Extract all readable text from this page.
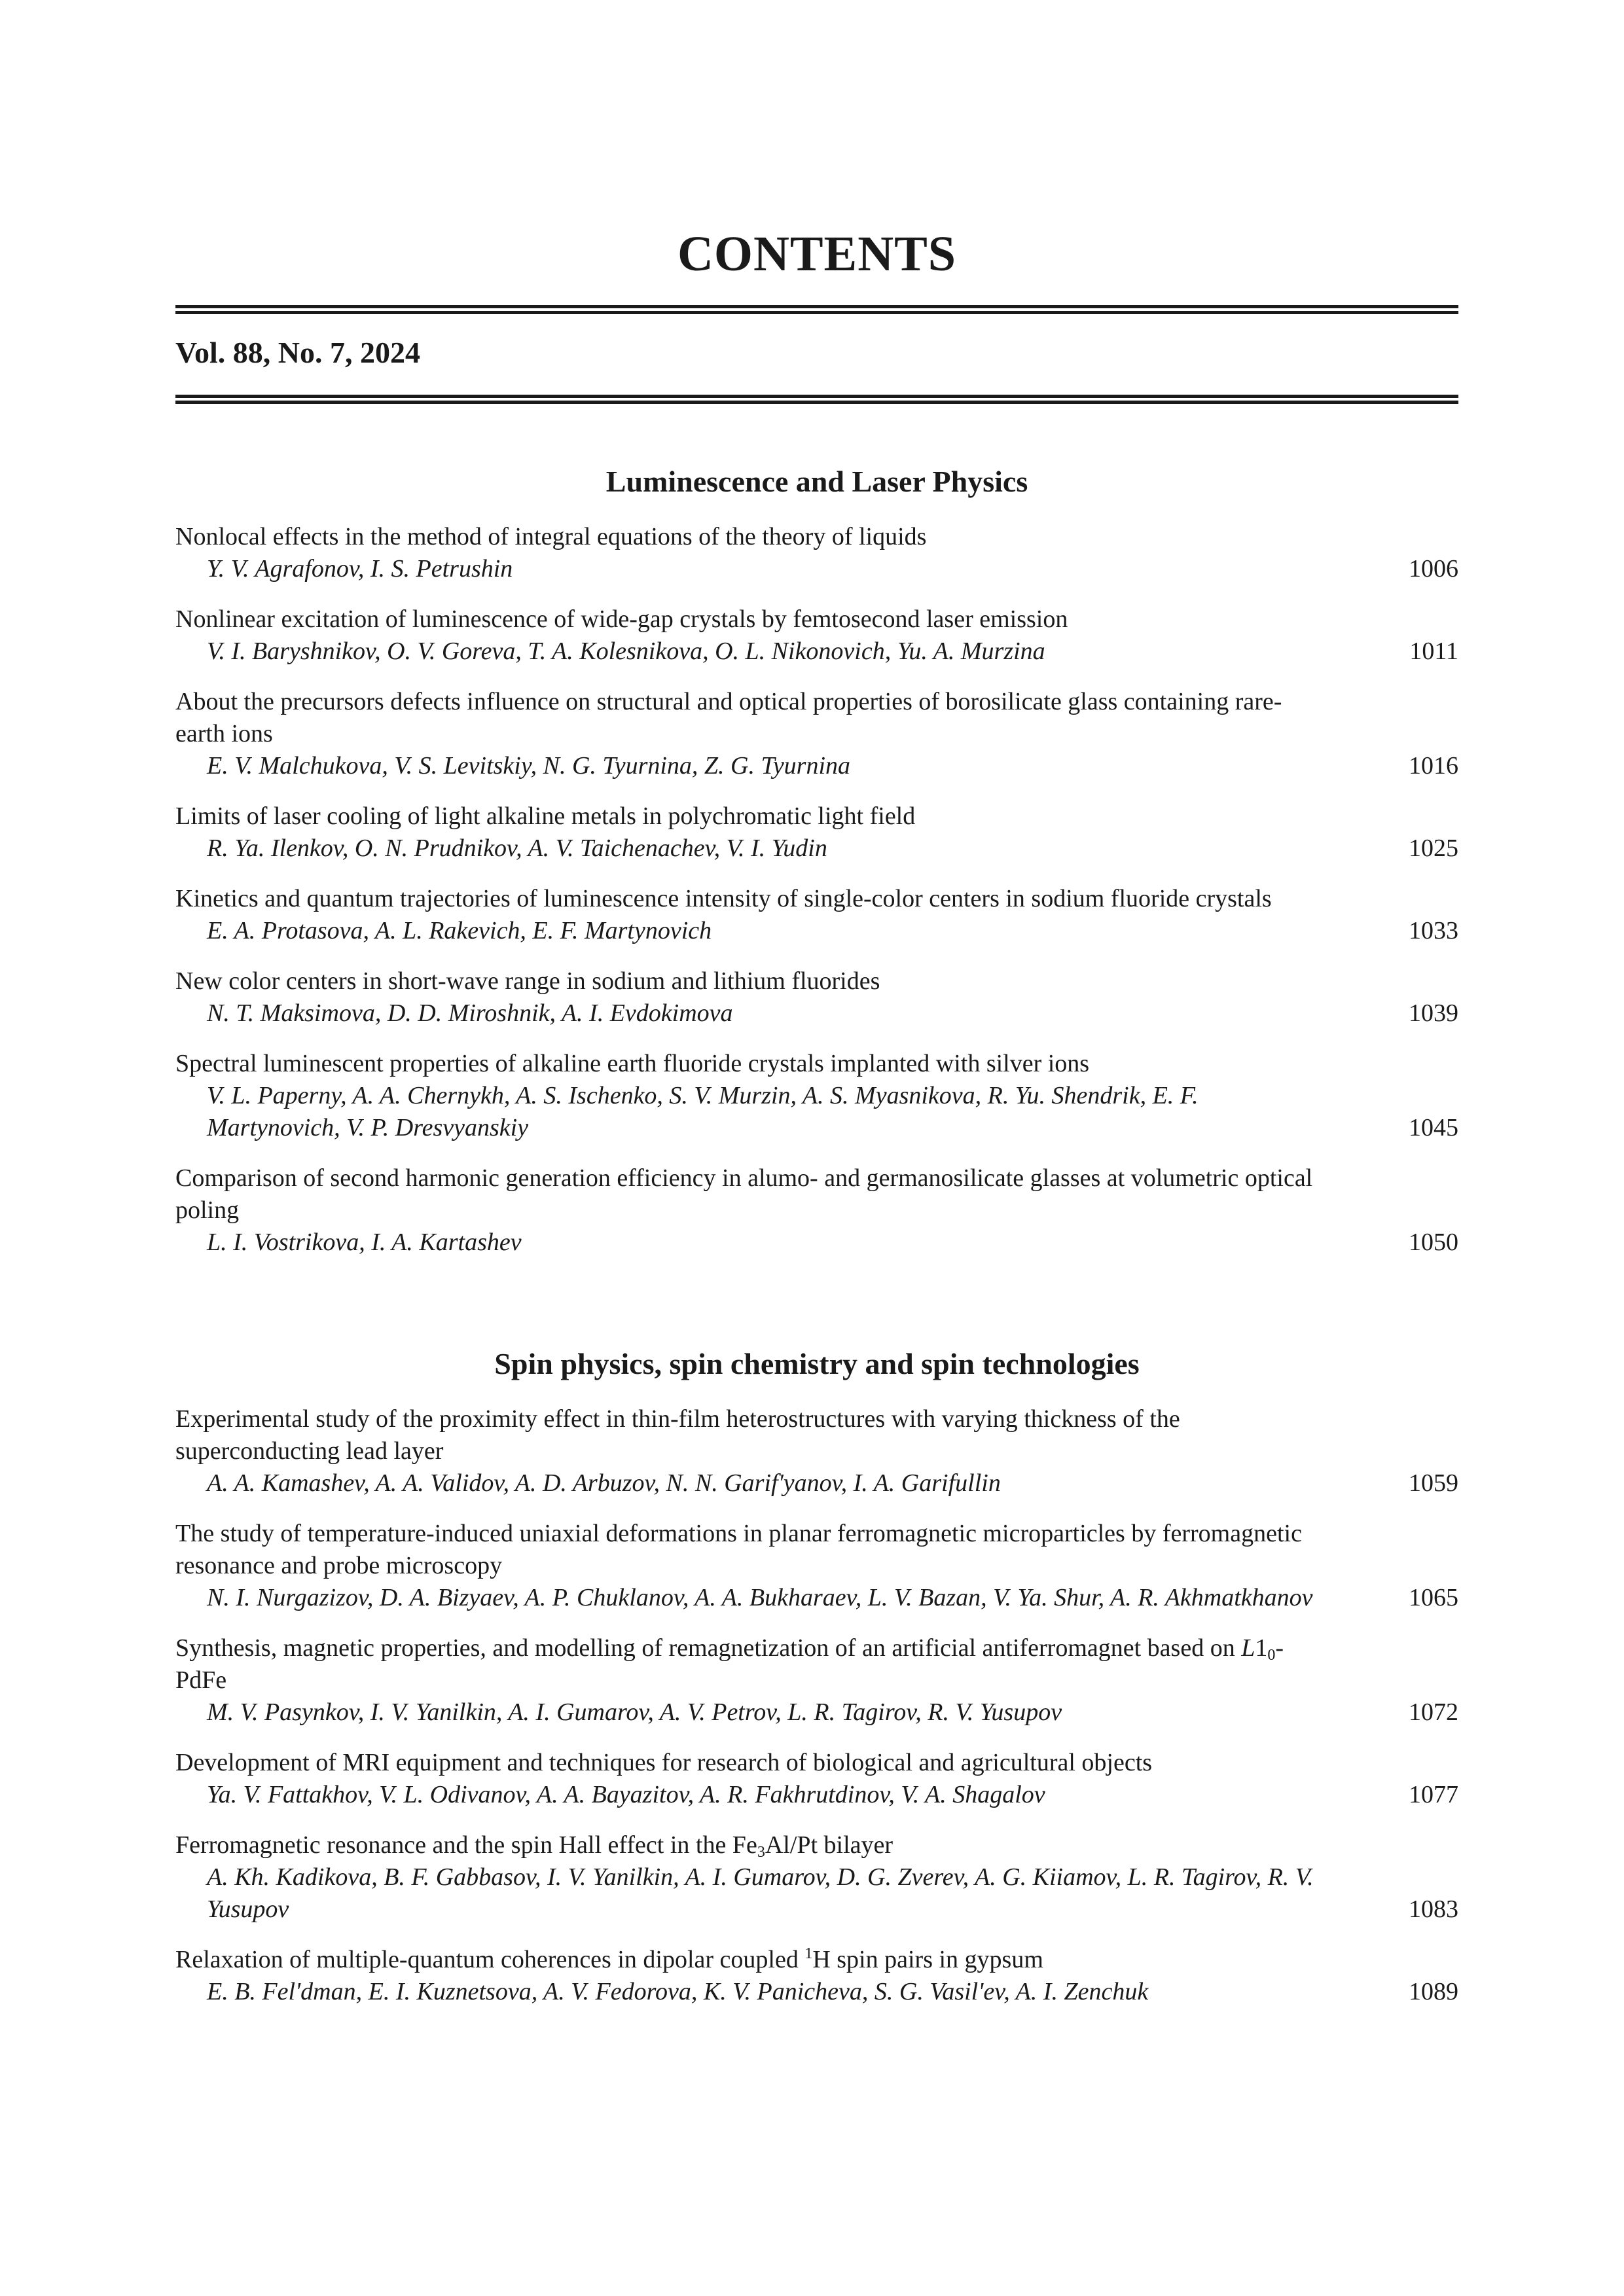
CONTENTS
Vol. 88, No. 7, 2024
Luminescence and Laser Physics

Nonlocal effects in the method of integral equations of the theory of liquids

Y. V. Agrafonov, I. S. Petrushin	1006

Nonlinear excitation of luminescence of wide-gap crystals by femtosecond laser emission

V. I. Baryshnikov, O. V. Goreva, T. A. Kolesnikova, O. L. Nikonovich, Yu. A. Murzina	1011

About the precursors defects influence on structural and optical properties of borosilicate glass containing rare-earth ions

E. V. Malchukova, V. S. Levitskiy, N. G. Tyurnina, Z. G. Tyurnina	1016

Limits of laser cooling of light alkaline metals in polychromatic light field

R. Ya. Ilenkov, O. N. Prudnikov, A. V. Taichenachev, V. I. Yudin	1025

Kinetics and quantum trajectories of luminescence intensity of single-color centers in sodium fluoride crystals

E. A. Protasova, A. L. Rakevich, E. F. Martynovich	1033

New color centers in short-wave range in sodium and lithium fluorides

N. T. Maksimova, D. D. Miroshnik, A. I. Evdokimova	1039

Spectral luminescent properties of alkaline earth fluoride crystals implanted with silver ions

V. L. Paperny, A. A. Chernykh, A. S. Ischenko, S. V. Murzin, A. S. Myasnikova, R. Yu. Shendrik, E. F. Martynovich, V. P. Dresvyanskiy	1045

Comparison of second harmonic generation efficiency in alumo- and germanosilicate glasses at volumetric optical poling

L. I. Vostrikova, I. A. Kartashev	1050
Spin physics, spin chemistry and spin technologies

Experimental study of the proximity effect in thin-film heterostructures with varying thickness of the superconducting lead layer

A. A. Kamashev, A. A. Validov, A. D. Arbuzov, N. N. Garif'yanov, I. A. Garifullin	1059

The study of temperature-induced uniaxial deformations in planar ferromagnetic microparticles by ferromagnetic resonance and probe microscopy

N. I. Nurgazizov, D. A. Bizyaev, A. P. Chuklanov, A. A. Bukharaev, L. V. Bazan, V. Ya. Shur, A. R. Akhmatkhanov	1065

Synthesis, magnetic properties, and modelling of remagnetization of an artificial antiferromagnet based on $L1_0$-PdFe

M. V. Pasynkov, I. V. Yanilkin, A. I. Gumarov, A. V. Petrov, L. R. Tagirov, R. V. Yusupov	1072

Development of MRI equipment and techniques for research of biological and agricultural objects

Ya. V. Fattakhov, V. L. Odivanov, A. A. Bayazitov, A. R. Fakhrutdinov, V. A. Shagalov	1077

Ferromagnetic resonance and the spin Hall effect in the $Fe_3Al/Pt$ bilayer

A. Kh. Kadikova, B. F. Gabbasov, I. V. Yanilkin, A. I. Gumarov, D. G. Zverev, A. G. Kiiamov, L. R. Tagirov, R. V. Yusupov	1083

Relaxation of multiple-quantum coherences in dipolar coupled $^1$H spin pairs in gypsum

E. B. Fel'dman, E. I. Kuznetsova, A. V. Fedorova, K. V. Panicheva, S. G. Vasil'ev, A. I. Zenchuk	1089
